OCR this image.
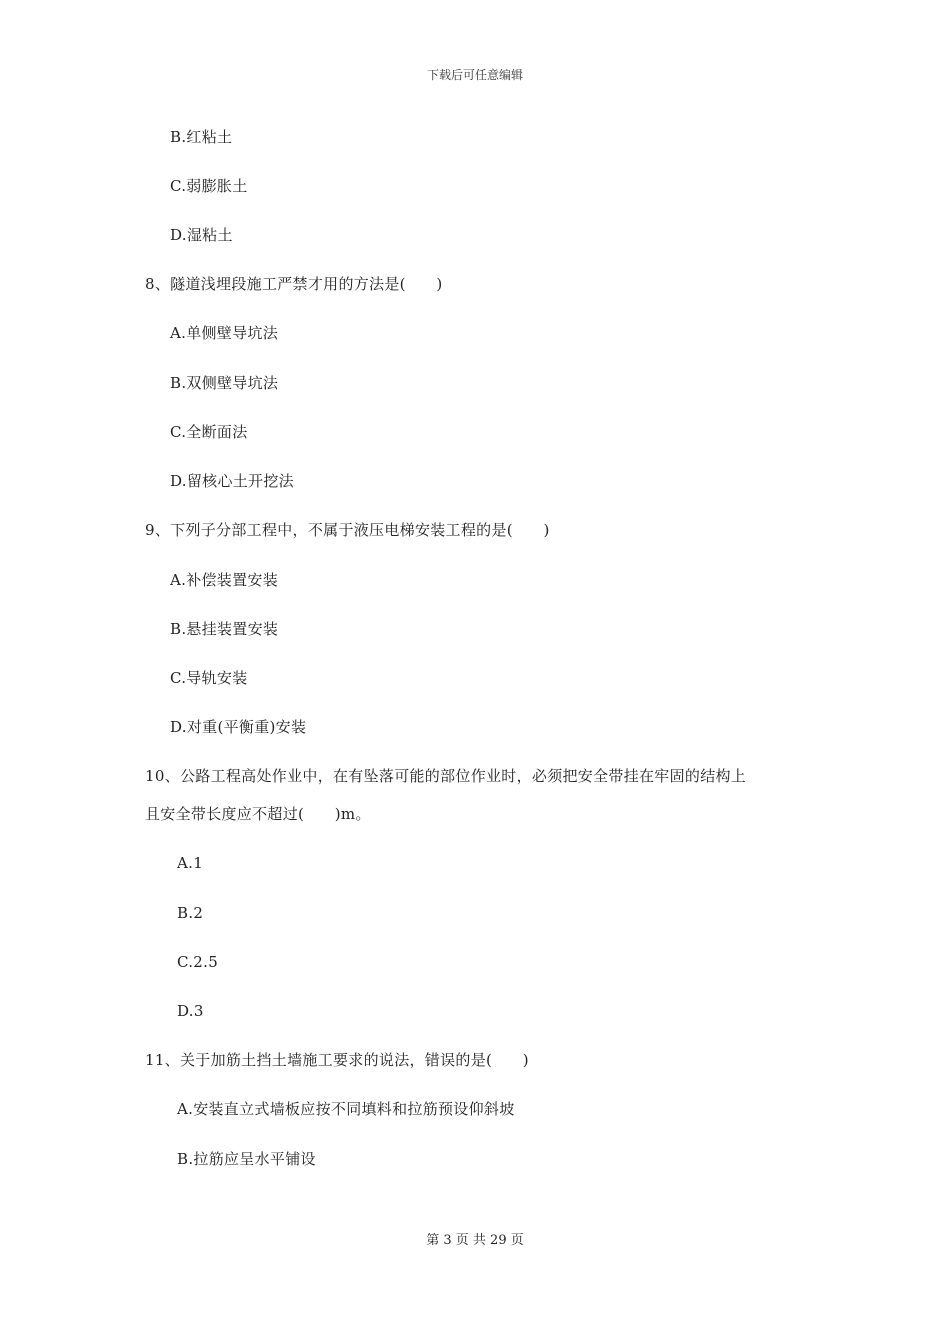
下载后可任意编辑
B.红粘土
C.弱膨胀土
D.湿粘土
8、隧道浅埋段施工严禁才用的方法是(　　)
A.单侧壁导坑法
B.双侧壁导坑法
C.全断面法
D.留核心土开挖法
9、下列子分部工程中，不属于液压电梯安装工程的是(　　)
A.补偿装置安装
B.悬挂装置安装
C.导轨安装
D.对重(平衡重)安装
10、公路工程高处作业中，在有坠落可能的部位作业时，必须把安全带挂在牢固的结构上
且安全带长度应不超过(　　)m。
A.1
B.2
C.2.5
D.3
11、关于加筋土挡土墙施工要求的说法，错误的是(　　)
A.安装直立式墙板应按不同填料和拉筋预设仰斜坡
B.拉筋应呈水平铺设
第 3 页 共 29 页
